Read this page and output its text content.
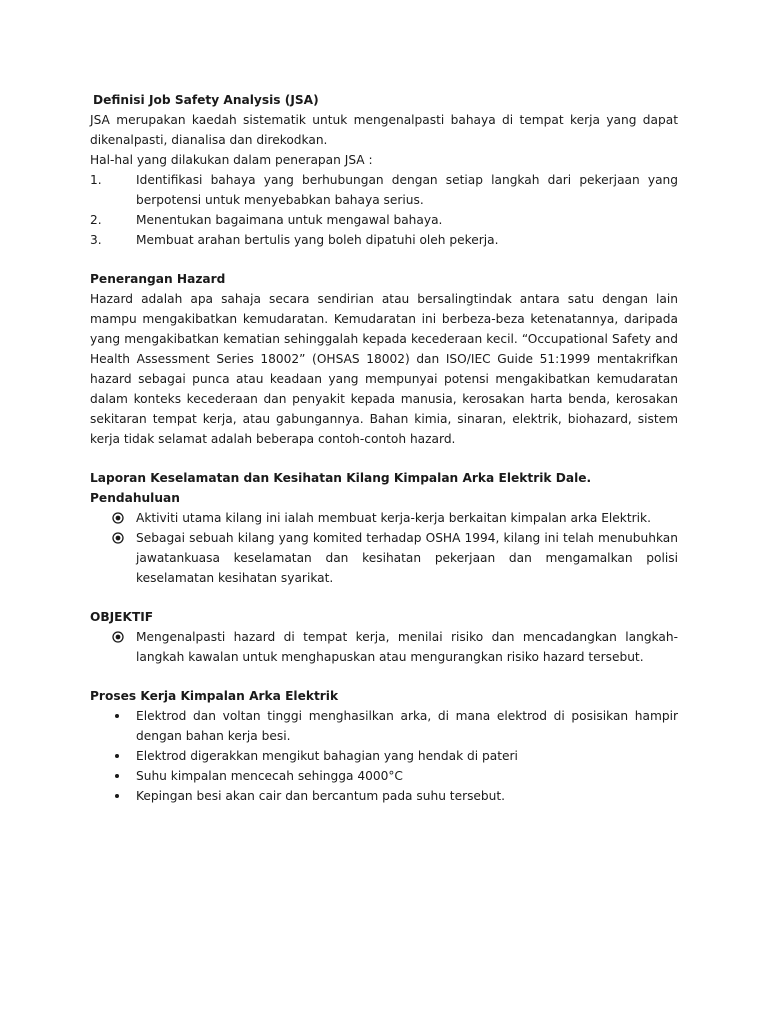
Definisi Job Safety Analysis (JSA)
JSA merupakan kaedah sistematik untuk mengenalpasti bahaya di tempat kerja yang dapat dikenalpasti, dianalisa dan direkodkan.
Hal-hal yang dilakukan dalam penerapan JSA :
1.	Identifikasi bahaya yang berhubungan dengan setiap langkah dari pekerjaan yang berpotensi untuk menyebabkan bahaya serius.
2.	Menentukan bagaimana untuk mengawal bahaya.
3.	Membuat arahan bertulis yang boleh dipatuhi oleh pekerja.
Penerangan Hazard
Hazard adalah apa sahaja secara sendirian atau bersalingtindak antara satu dengan lain mampu mengakibatkan kemudaratan. Kemudaratan ini berbeza-beza ketenatannya, daripada yang mengakibatkan kematian sehinggalah kepada kecederaan kecil. “Occupational Safety and Health Assessment Series 18002” (OHSAS 18002) dan ISO/IEC Guide 51:1999 mentakrifkan hazard sebagai punca atau keadaan yang mempunyai potensi mengakibatkan kemudaratan dalam konteks kecederaan dan penyakit kepada manusia, kerosakan harta benda, kerosakan sekitaran tempat kerja, atau gabungannya. Bahan kimia, sinaran, elektrik, biohazard, sistem kerja tidak selamat adalah beberapa contoh-contoh hazard.
Laporan Keselamatan dan Kesihatan Kilang Kimpalan Arka Elektrik Dale.
Pendahuluan
Aktiviti utama kilang ini ialah membuat kerja-kerja berkaitan kimpalan arka Elektrik.
Sebagai sebuah kilang yang komited terhadap OSHA 1994, kilang ini telah menubuhkan jawatankuasa keselamatan dan kesihatan pekerjaan dan mengamalkan polisi keselamatan kesihatan syarikat.
OBJEKTIF
Mengenalpasti hazard di tempat kerja, menilai risiko dan mencadangkan langkah-langkah kawalan untuk menghapuskan atau mengurangkan risiko hazard tersebut.
Proses Kerja Kimpalan Arka Elektrik
Elektrod dan voltan tinggi menghasilkan arka, di mana elektrod di posisikan hampir dengan bahan kerja besi.
Elektrod digerakkan mengikut bahagian yang hendak di pateri
Suhu kimpalan mencecah sehingga 4000°C
Kepingan besi akan cair dan bercantum pada suhu tersebut.
